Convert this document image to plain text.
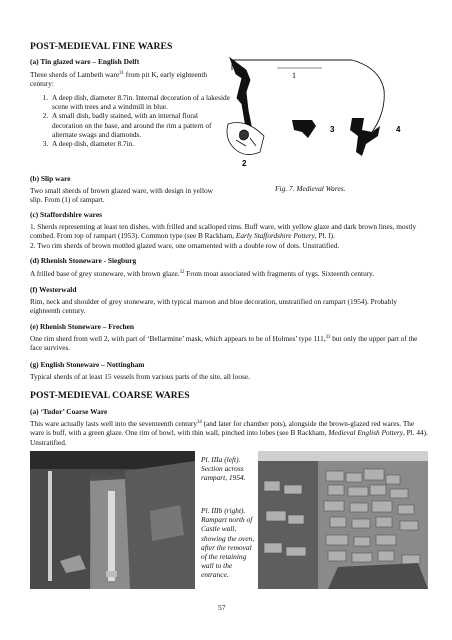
POST-MEDIEVAL FINE WARES
(a) Tin glazed ware – English Delft

Three sherds of Lambeth ware$^{31}$ from pit K, early eighteenth century:

1. A deep dish, diameter 8.7in. Internal decoration of a lakeside scene with trees and a windmill in blue.
2. A small dish, badly stained, with an internal floral decoration on the base, and around the rim a pattern of alternate swags and diamonds.
3. A deep dish, diameter 8.7in.
(b) Slip ware

Two small sherds of brown glazed ware, with design in yellow slip. From (1) of rampart.

1
2
3	4

Fig. 7. Medieval Wares.

(c) Staffordshire wares

1. Sherds representing at least ten dishes, with frilled and scalloped rims. Buff ware, with yellow glaze and dark brown lines, mostly combed. From top of rampart (1953). Common type (see B Rackham, Early Staffordshire Pottery, Pl. I).

2. Two rim sherds of brown mottled glazed ware, one ornamented with a double row of dots. Unstratified.

(d) Rhenish Stoneware - Siegburg

A frilled base of grey stoneware, with brown glaze.$^{32}$ From moat associated with fragments of tygs. Sixteenth century.

(f) Westerwald

Rim, neck and shoulder of grey stoneware, with typical maroon and blue decoration, unstratified on rampart (1954). Probably eighteenth century.

(e) Rhenish Stoneware – Frechen

One rim sherd from well 2, with part of ‘Bellarmine’ mask, which appears to be of Holmes’ type 111,33 but only the upper part of the face survives.

(g) English Stoneware – Nottingham

Typical sherds of at least 15 vessels from various parts of the site, all loose.

POST-MEDIEVAL COARSE WARES
(a) ‘Tudor’ Coarse Ware

This ware actually lasts well into the seventeenth century$^{34}$ (and later for chamber pots), alongside the brown-glazed red wares. The ware is buff, with a green glaze. One rim of bowl, with thin wall, pinched into lobes (see B Rackham, Medieval English Pottery, Pl. 44). Unstratified.

Pl. IIIa (left). Section across rampart, 1954.

Pl. IIIb (right). Rampart north of Castle wall, showing the oven, after the removal of the retaining wall to the entrance.

57
